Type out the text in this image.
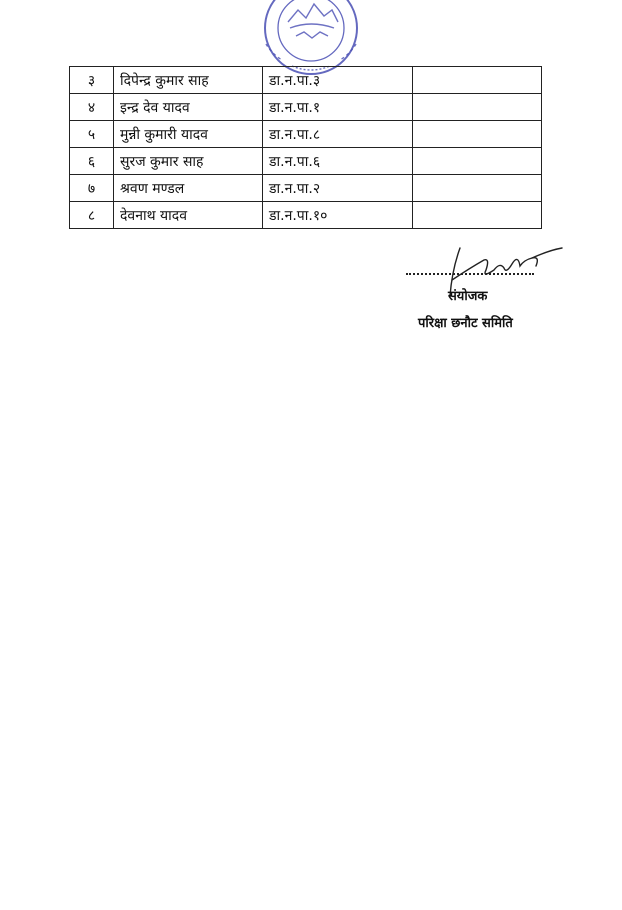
३	दिपेन्द्र कुमार साह	डा.न.पा.३	
४	इन्द्र देव यादव	डा.न.पा.१	
५	मुन्नी कुमारी यादव	डा.न.पा.८	
६	सुरज कुमार साह	डा.न.पा.६	
७	श्रवण मण्डल	डा.न.पा.२	
८	देवनाथ यादव	डा.न.पा.१०	
संयोजक
परिक्षा छनौट समिति
